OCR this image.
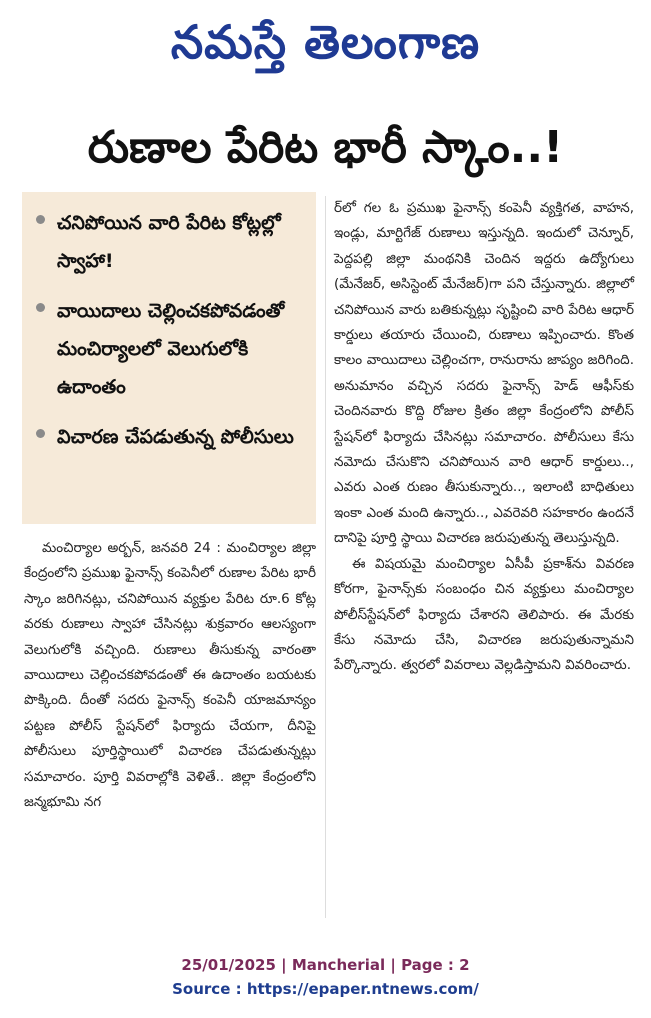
నమస్తే తెలంగాణ
రుణాల పేరిట భారీ స్కాం..!
చనిపోయిన వారి పేరిట కోట్లల్లో స్వాహా!
వాయిదాలు చెల్లించకపోవడంతో మంచిర్యాలలో వెలుగులోకి ఉదాంతం
విచారణ చేపడుతున్న పోలీసులు

మంచిర్యాల అర్బన్, జనవరి 24 : మంచిర్యాల జిల్లా కేంద్రంలోని ప్రముఖ ఫైనాన్స్ కంపెనీలో రుణాల పేరిట భారీ స్కాం జరిగినట్లు, చనిపోయిన వ్యక్తుల పేరిట రూ.6 కోట్ల వరకు రుణాలు స్వాహా చేసినట్లు శుక్రవారం ఆలస్యంగా వెలుగులోకి వచ్చింది. రుణాలు తీసుకున్న వారంతా వాయిదాలు చెల్లించకపోవడంతో ఈ ఉదాంతం బయటకు పొక్కింది. దీంతో సదరు ఫైనాన్స్ కంపెనీ యాజమాన్యం పట్టణ పోలీస్ స్టేషన్‌లో ఫిర్యాదు చేయగా, దీనిపై పోలీసులు పూర్తిస్థాయిలో విచారణ చేపడుతున్నట్లు సమాచారం. పూర్తి వివరాల్లోకి వెళితే.. జిల్లా కేంద్రంలోని జన్మభూమి నగ

ర్‌లో గల ఓ ప్రముఖ ఫైనాన్స్ కంపెనీ వ్యక్తిగత, వాహన, ఇండ్లు, మార్టిగేజ్ రుణాలు ఇస్తున్నది. ఇందులో చెన్నూర్, పెద్దపల్లి జిల్లా మంథనికి చెందిన ఇద్దరు ఉద్యోగులు (మేనేజర్, అసిస్టెంట్ మేనేజర్)గా పని చేస్తున్నారు. జిల్లాలో చనిపోయిన వారు బతికున్నట్లు సృష్టించి వారి పేరిట ఆధార్ కార్డులు తయారు చేయించి, రుణాలు ఇప్పించారు. కొంత కాలం వాయిదాలు చెల్లించగా, రానురాను జాప్యం జరిగింది. అనుమానం వచ్చిన సదరు ఫైనాన్స్ హెడ్ ఆఫీస్‌కు చెందినవారు కొద్ది రోజుల క్రితం జిల్లా కేంద్రంలోని పోలీస్ స్టేషన్‌లో ఫిర్యాదు చేసినట్లు సమాచారం. పోలీసులు కేసు నమోదు చేసుకొని చనిపోయిన వారి ఆధార్ కార్డులు.., ఎవరు ఎంత రుణం తీసుకున్నారు.., ఇలాంటి బాధితులు ఇంకా ఎంత మంది ఉన్నారు.., ఎవరెవరి సహకారం ఉందనే దానిపై పూర్తి స్థాయి విచారణ జరుపుతున్న తెలుస్తున్నది.

ఈ విషయమై మంచిర్యాల ఏసీపీ ప్రకాశ్‌ను వివరణ కోరగా, ఫైనాన్స్‌కు సంబంధం చిన వ్యక్తులు మంచిర్యాల పోలీస్‌స్టేషన్‌లో ఫిర్యాదు చేశారని తెలిపారు. ఈ మేరకు కేసు నమోదు చేసి, విచారణ జరుపుతున్నామని పేర్కొన్నారు. త్వరలో వివరాలు వెల్లడిస్తామని వివరించారు.

25/01/2025 | Mancherial | Page : 2
Source : https://epaper.ntnews.com/
